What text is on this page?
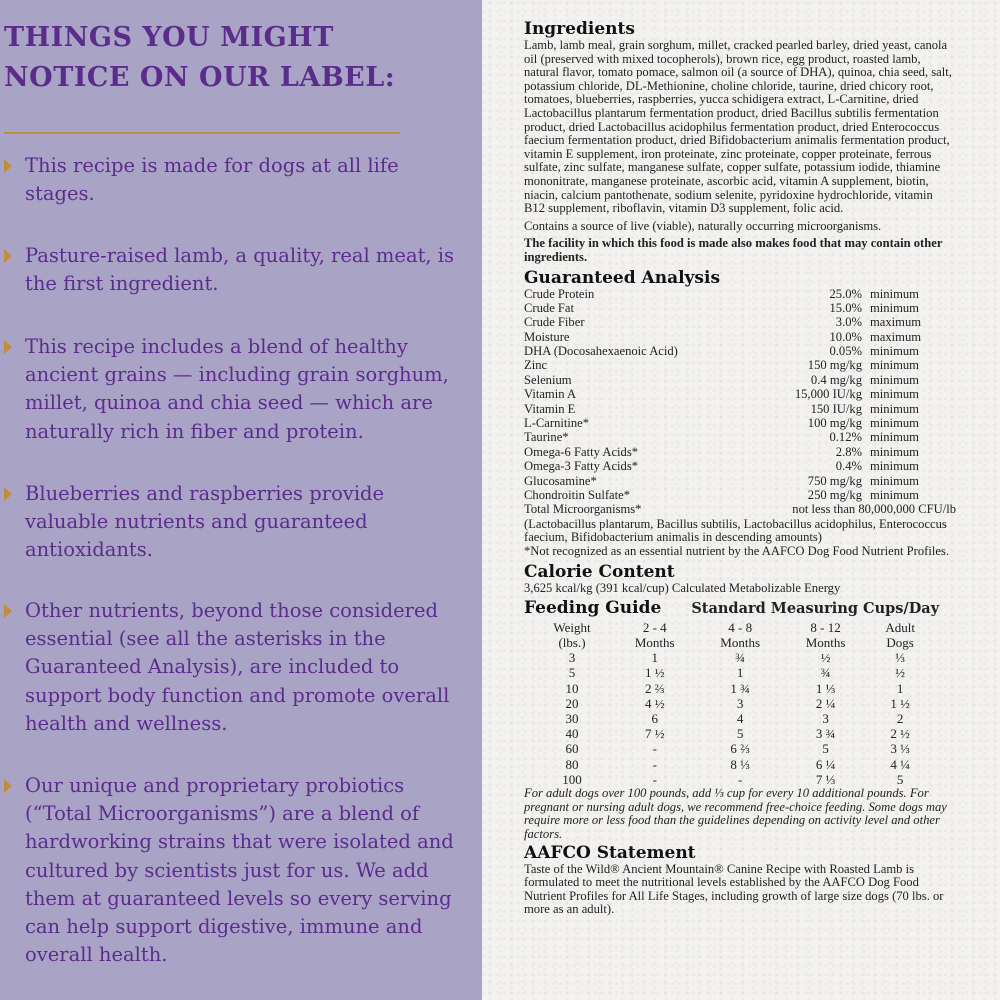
THINGS YOU MIGHT
NOTICE ON OUR LABEL:

This recipe is made for dogs at all life stages.
Pasture-raised lamb, a quality, real meat, is the first ingredient.
This recipe includes a blend of healthy ancient grains — including grain sorghum, millet, quinoa and chia seed — which are naturally rich in fiber and protein.
Blueberries and raspberries provide valuable nutrients and guaranteed antioxidants.
Other nutrients, beyond those considered essential (see all the asterisks in the Guaranteed Analysis), are included to support body function and promote overall health and wellness.
Our unique and proprietary probiotics (“Total Microorganisms”) are a blend of hardworking strains that were isolated and cultured by scientists just for us. We add them at guaranteed levels so every serving can help support digestive, immune and overall health.
Ingredients

Lamb, lamb meal, grain sorghum, millet, cracked pearled barley, dried yeast, canola oil (preserved with mixed tocopherols), brown rice, egg product, roasted lamb, natural flavor, tomato pomace, salmon oil (a source of DHA), quinoa, chia seed, salt, potassium chloride, DL-Methionine, choline chloride, taurine, dried chicory root, tomatoes, blueberries, raspberries, yucca schidigera extract, L-Carnitine, dried Lactobacillus plantarum fermentation product, dried Bacillus subtilis fermentation product, dried Lactobacillus acidophilus fermentation product, dried Enterococcus faecium fermentation product, dried Bifidobacterium animalis fermentation product, vitamin E supplement, iron proteinate, zinc proteinate, copper proteinate, ferrous sulfate, zinc sulfate, manganese sulfate, copper sulfate, potassium iodide, thiamine mononitrate, manganese proteinate, ascorbic acid, vitamin A supplement, biotin, niacin, calcium pantothenate, sodium selenite, pyridoxine hydrochloride, vitamin B12 supplement, riboflavin, vitamin D3 supplement, folic acid.

Contains a source of live (viable), naturally occurring microorganisms.

The facility in which this food is made also makes food that may contain other ingredients.

Guaranteed Analysis
Crude Protein	25.0% minimum
Crude Fat	15.0% minimum
Crude Fiber	3.0% maximum
Moisture	10.0% maximum
DHA (Docosahexaenoic Acid)	0.05% minimum
Zinc	150 mg/kg minimum
Selenium	0.4 mg/kg minimum
Vitamin A	15,000 IU/kg minimum
Vitamin E	150 IU/kg minimum
L-Carnitine*	100 mg/kg minimum
Taurine*	0.12% minimum
Omega-6 Fatty Acids*	2.8% minimum
Omega-3 Fatty Acids*	0.4% minimum
Glucosamine*	750 mg/kg minimum
Chondroitin Sulfate*	250 mg/kg minimum
Total Microorganisms*	not less than 80,000,000 CFU/lb

(Lactobacillus plantarum, Bacillus subtilis, Lactobacillus acidophilus, Enterococcus faecium, Bifidobacterium animalis in descending amounts)

*Not recognized as an essential nutrient by the AAFCO Dog Food Nutrient Profiles.

Calorie Content

3,625 kcal/kg (391 kcal/cup) Calculated Metabolizable Energy

Feeding Guide Standard Measuring Cups/Day
Weight	2 - 4	4 - 8	8 - 12	Adult
(lbs.)	Months	Months	Months	Dogs
3	1	¾	½	⅓
5	1 ½	1	¾	½
10	2 ⅔	1 ¾	1 ⅓	1
20	4 ½	3	2 ¼	1 ½
30	6	4	3	2
40	7 ½	5	3 ¾	2 ½
60	-	6 ⅔	5	3 ⅓
80	-	8 ⅓	6 ¼	4 ¼
100	-	-	7 ⅓	5

For adult dogs over 100 pounds, add ⅓ cup for every 10 additional pounds. For pregnant or nursing adult dogs, we recommend free-choice feeding. Some dogs may require more or less food than the guidelines depending on activity level and other factors.

AAFCO Statement

Taste of the Wild® Ancient Mountain® Canine Recipe with Roasted Lamb is formulated to meet the nutritional levels established by the AAFCO Dog Food Nutrient Profiles for All Life Stages, including growth of large size dogs (70 lbs. or more as an adult).
